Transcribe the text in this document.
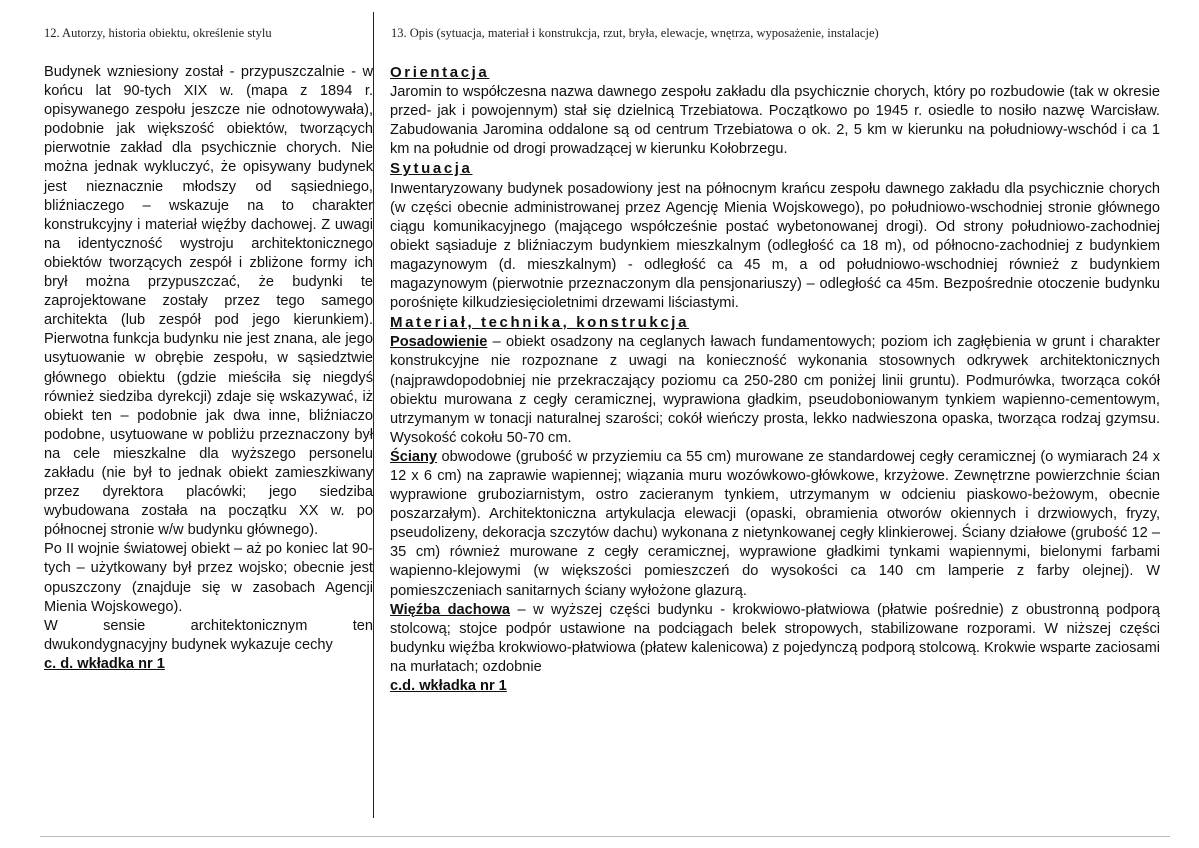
12. Autorzy, historia obiektu, określenie stylu	13. Opis (sytuacja, materiał i konstrukcja, rzut, bryła, elewacje, wnętrza, wyposażenie, instalacje)

Budynek wzniesiony został - przypuszczalnie - w końcu lat 90-tych XIX w. (mapa z 1894 r. opisywanego zespołu jeszcze nie odnotowywała), podobnie jak większość obiektów, tworzących pierwotnie zakład dla psychicznie chorych. Nie można jednak wykluczyć, że opisywany budynek jest nieznacznie młodszy od sąsiedniego, bliźniaczego – wskazuje na to charakter konstrukcyjny i materiał więźby dachowej. Z uwagi na identyczność wystroju architektonicznego obiektów tworzących zespół i zbliżone formy ich brył można przypuszczać, że budynki te zaprojektowane zostały przez tego samego architekta (lub zespół pod jego kierunkiem). Pierwotna funkcja budynku nie jest znana, ale jego usytuowanie w obrębie zespołu, w sąsiedztwie głównego obiektu (gdzie mieściła się niegdyś również siedziba dyrekcji) zdaje się wskazywać, iż obiekt ten – podobnie jak dwa inne, bliźniaczo podobne, usytuowane w pobliżu przeznaczony był na cele mieszkalne dla wyższego personelu zakładu (nie był to jednak obiekt zamieszkiwany przez dyrektora placówki; jego siedziba wybudowana została na początku XX w. po północnej stronie w/w budynku głównego).

Po II wojnie światowej obiekt – aż po koniec lat 90-tych – użytkowany był przez wojsko; obecnie jest opuszczony (znajduje się w zasobach Agencji Mienia Wojskowego).

W sensie architektonicznym ten dwukondygnacyjny budynek wykazuje cechy

c. d. wkładka nr 1

Orientacja

Jaromin to współczesna nazwa dawnego zespołu zakładu dla psychicznie chorych, który po rozbudowie (tak w okresie przed- jak i powojennym) stał się dzielnicą Trzebiatowa. Początkowo po 1945 r. osiedle to nosiło nazwę Warcisław. Zabudowania Jaromina oddalone są od centrum Trzebiatowa o ok. 2, 5 km w kierunku na południowy-wschód i ca 1 km na południe od drogi prowadzącej w kierunku Kołobrzegu.

Sytuacja

Inwentaryzowany budynek posadowiony jest na północnym krańcu zespołu dawnego zakładu dla psychicznie chorych (w części obecnie administrowanej przez Agencję Mienia Wojskowego), po południowo-wschodniej stronie głównego ciągu komunikacyjnego (mającego współcześnie postać wybetonowanej drogi). Od strony południowo-zachodniej obiekt sąsiaduje z bliźniaczym budynkiem mieszkalnym (odległość ca 18 m), od północno-zachodniej z budynkiem magazynowym (d. mieszkalnym) - odległość ca 45 m, a od południowo-wschodniej również z budynkiem magazynowym (pierwotnie przeznaczonym dla pensjonariuszy) – odległość ca 45m. Bezpośrednie otoczenie budynku porośnięte kilkudziesięcioletnimi drzewami liściastymi.

Materiał, technika, konstrukcja

Posadowienie – obiekt osadzony na ceglanych ławach fundamentowych; poziom ich zagłębienia w grunt i charakter konstrukcyjne nie rozpoznane z uwagi na konieczność wykonania stosownych odkrywek architektonicznych (najprawdopodobniej nie przekraczający poziomu ca 250-280 cm poniżej linii gruntu). Podmurówka, tworząca cokół obiektu murowana z cegły ceramicznej, wyprawiona gładkim, pseudoboniowanym tynkiem wapienno-cementowym, utrzymanym w tonacji naturalnej szarości; cokół wieńczy prosta, lekko nadwieszona opaska, tworząca rodzaj gzymsu. Wysokość cokołu 50-70 cm.

Ściany obwodowe (grubość w przyziemiu ca 55 cm) murowane ze standardowej cegły ceramicznej (o wymiarach 24 x 12 x 6 cm) na zaprawie wapiennej; wiązania muru wozówkowo-główkowe, krzyżowe. Zewnętrzne powierzchnie ścian wyprawione gruboziarnistym, ostro zacieranym tynkiem, utrzymanym w odcieniu piaskowo-beżowym, obecnie poszarzałym). Architektoniczna artykulacja elewacji (opaski, obramienia otworów okiennych i drzwiowych, fryzy, pseudolizeny, dekoracja szczytów dachu) wykonana z nietynkowanej cegły klinkierowej. Ściany działowe (grubość 12 – 35 cm) również murowane z cegły ceramicznej, wyprawione gładkimi tynkami wapiennymi, bielonymi farbami wapienno-klejowymi (w większości pomieszczeń do wysokości ca 140 cm lamperie z farby olejnej). W pomieszczeniach sanitarnych ściany wyłożone glazurą.

Więźba dachowa – w wyższej części budynku - krokwiowo-płatwiowa (płatwie pośrednie) z obustronną podporą stolcową; stojce podpór ustawione na podciągach belek stropowych, stabilizowane rozporami. W niższej części budynku więźba krokwiowo-płatwiowa (płatew kalenicowa) z pojedynczą podporą stolcową. Krokwie wsparte zaciosami na murłatach; ozdobnie

c.d. wkładka nr 1
